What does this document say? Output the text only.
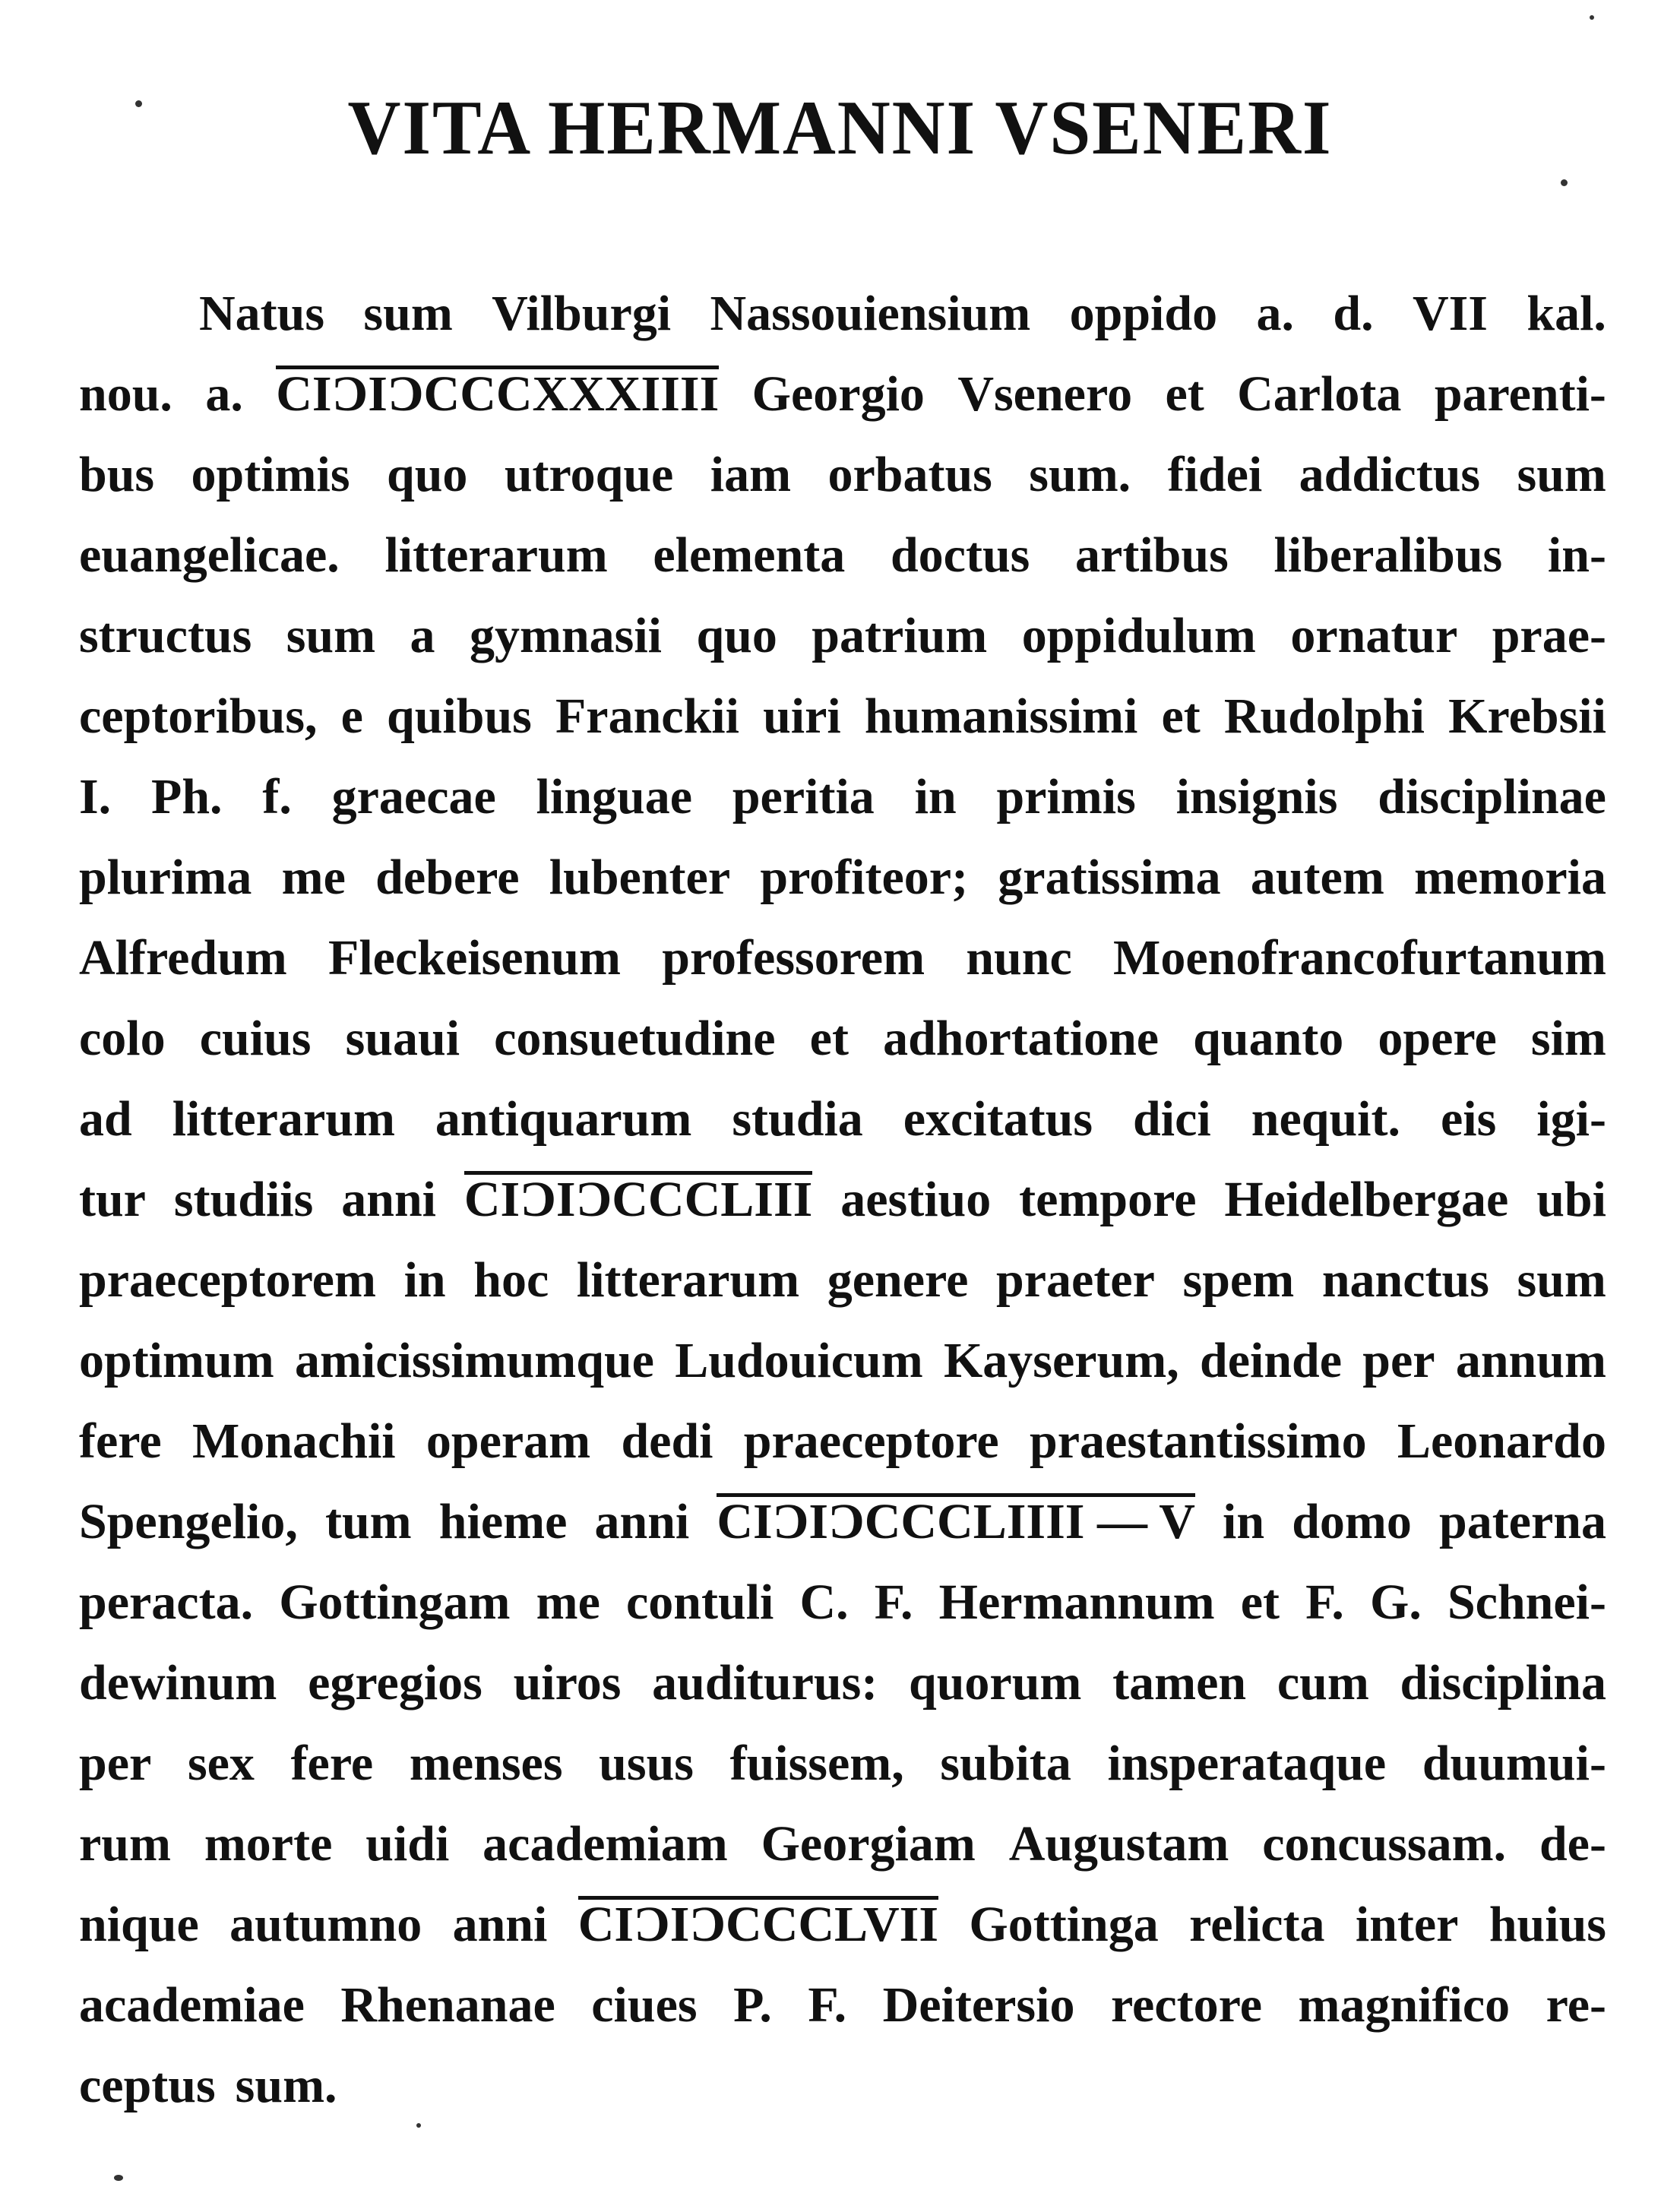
VITA HERMANNI VSENERI
Natus sum Vilburgi Nassouiensium oppido a. d. VII kal.
nou. a. CIƆIƆCCCXXXIIII Georgio Vsenero et Carlota parenti-
bus optimis quo utroque iam orbatus sum. fidei addictus sum
euangelicae. litterarum elementa doctus artibus liberalibus in-
structus sum a gymnasii quo patrium oppidulum ornatur prae-
ceptoribus, e quibus Franckii uiri humanissimi et Rudolphi Krebsii
I. Ph. f. graecae linguae peritia in primis insignis disciplinae
plurima me debere lubenter profiteor; gratissima autem memoria
Alfredum Fleckeisenum professorem nunc Moenofrancofurtanum
colo cuius suaui consuetudine et adhortatione quanto opere sim
ad litterarum antiquarum studia excitatus dici nequit. eis igi-
tur studiis anni CIƆIƆCCCLIII aestiuo tempore Heidelbergae ubi
praeceptorem in hoc litterarum genere praeter spem nanctus sum
optimum amicissimumque Ludouicum Kayserum, deinde per annum
fere Monachii operam dedi praeceptore praestantissimo Leonardo
Spengelio, tum hieme anni CIƆIƆCCCLIIII — V in domo paterna
peracta. Gottingam me contuli C. F. Hermannum et F. G. Schnei-
dewinum egregios uiros auditurus: quorum tamen cum disciplina
per sex fere menses usus fuissem, subita insperataque duumui-
rum morte uidi academiam Georgiam Augustam concussam. de-
nique autumno anni CIƆIƆCCCLVII Gottinga relicta inter huius
academiae Rhenanae ciues P. F. Deitersio rectore magnifico re-
ceptus sum.
